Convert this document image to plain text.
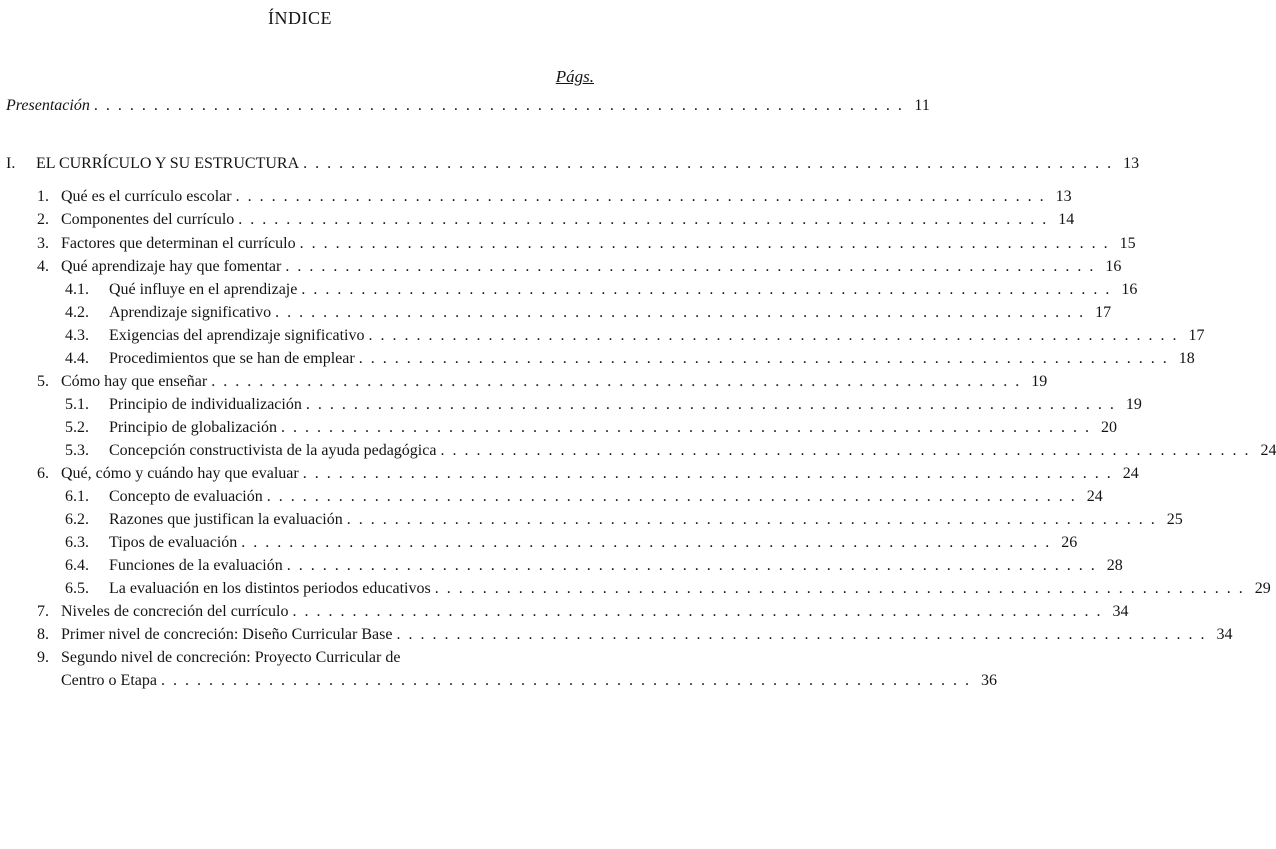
ÍNDICE
Págs.
Presentación . . . . . . . . . . . . . . . . . . . . . . . . . . . . . . . . . . . . . . . . . . . . . . . . . . . . . . . . . . . . . . . . . . . . 11
I.	EL CURRÍCULO Y SU ESTRUCTURA . . . . . . . . . . . . . . . . . . . . . . . . . . . . . . . . . . . . . . . . . . . . . . . . . . . . . . . . . . . . . . . . . . . . 13
1. Qué es el currículo escolar . . . . . . . . . . . . . . . . . . . . . . . . . . . . . . . . . . . . . . . . . . . . . . . . . . . . . . . . . . . . . . . . . . . . 13
2. Componentes del currículo . . . . . . . . . . . . . . . . . . . . . . . . . . . . . . . . . . . . . . . . . . . . . . . . . . . . . . . . . . . . . . . . . . . . 14
3. Factores que determinan el currículo . . . . . . . . . . . . . . . . . . . . . . . . . . . . . . . . . . . . . . . . . . . . . . . . . . . . . . . . . . . . . . . . . . . . 15
4. Qué aprendizaje hay que fomentar . . . . . . . . . . . . . . . . . . . . . . . . . . . . . . . . . . . . . . . . . . . . . . . . . . . . . . . . . . . . . . . . . . . . 16
4.1.	Qué influye en el aprendizaje . . . . . . . . . . . . . . . . . . . . . . . . . . . . . . . . . . . . . . . . . . . . . . . . . . . . . . . . . . . . . . . . . . . . 16
4.2.	Aprendizaje significativo . . . . . . . . . . . . . . . . . . . . . . . . . . . . . . . . . . . . . . . . . . . . . . . . . . . . . . . . . . . . . . . . . . . . 17
4.3.	Exigencias del aprendizaje significativo . . . . . . . . . . . . . . . . . . . . . . . . . . . . . . . . . . . . . . . . . . . . . . . . . . . . . . . . . . . . . . . . . . . . 17
4.4.	Procedimientos que se han de emplear . . . . . . . . . . . . . . . . . . . . . . . . . . . . . . . . . . . . . . . . . . . . . . . . . . . . . . . . . . . . . . . . . . . . 18
5. Cómo hay que enseñar . . . . . . . . . . . . . . . . . . . . . . . . . . . . . . . . . . . . . . . . . . . . . . . . . . . . . . . . . . . . . . . . . . . . 19
5.1.	Principio de individualización . . . . . . . . . . . . . . . . . . . . . . . . . . . . . . . . . . . . . . . . . . . . . . . . . . . . . . . . . . . . . . . . . . . . 19
5.2.	Principio de globalización . . . . . . . . . . . . . . . . . . . . . . . . . . . . . . . . . . . . . . . . . . . . . . . . . . . . . . . . . . . . . . . . . . . . 20
5.3.	Concepción constructivista de la ayuda pedagógica . . . . . . . . . . . . . . . . . . . . . . . . . . . . . . . . . . . . . . . . . . . . . . . . . . . . . . . . . . . . . . . . . . . . 24
6. Qué, cómo y cuándo hay que evaluar . . . . . . . . . . . . . . . . . . . . . . . . . . . . . . . . . . . . . . . . . . . . . . . . . . . . . . . . . . . . . . . . . . . . 24
6.1.	Concepto de evaluación . . . . . . . . . . . . . . . . . . . . . . . . . . . . . . . . . . . . . . . . . . . . . . . . . . . . . . . . . . . . . . . . . . . . 24
6.2.	Razones que justifican la evaluación . . . . . . . . . . . . . . . . . . . . . . . . . . . . . . . . . . . . . . . . . . . . . . . . . . . . . . . . . . . . . . . . . . . . 25
6.3.	Tipos de evaluación . . . . . . . . . . . . . . . . . . . . . . . . . . . . . . . . . . . . . . . . . . . . . . . . . . . . . . . . . . . . . . . . . . . . 26
6.4.	Funciones de la evaluación . . . . . . . . . . . . . . . . . . . . . . . . . . . . . . . . . . . . . . . . . . . . . . . . . . . . . . . . . . . . . . . . . . . . 28
6.5.	La evaluación en los distintos periodos educativos . . . . . . . . . . . . . . . . . . . . . . . . . . . . . . . . . . . . . . . . . . . . . . . . . . . . . . . . . . . . . . . . . . . . 29
7. Niveles de concreción del currículo . . . . . . . . . . . . . . . . . . . . . . . . . . . . . . . . . . . . . . . . . . . . . . . . . . . . . . . . . . . . . . . . . . . . 34
8. Primer nivel de concreción: Diseño Curricular Base . . . . . . . . . . . . . . . . . . . . . . . . . . . . . . . . . . . . . . . . . . . . . . . . . . . . . . . . . . . . . . . . . . . . 34
9. Segundo nivel de concreción: Proyecto Curricular de
Centro o Etapa . . . . . . . . . . . . . . . . . . . . . . . . . . . . . . . . . . . . . . . . . . . . . . . . . . . . . . . . . . . . . . . . . . . . 36
